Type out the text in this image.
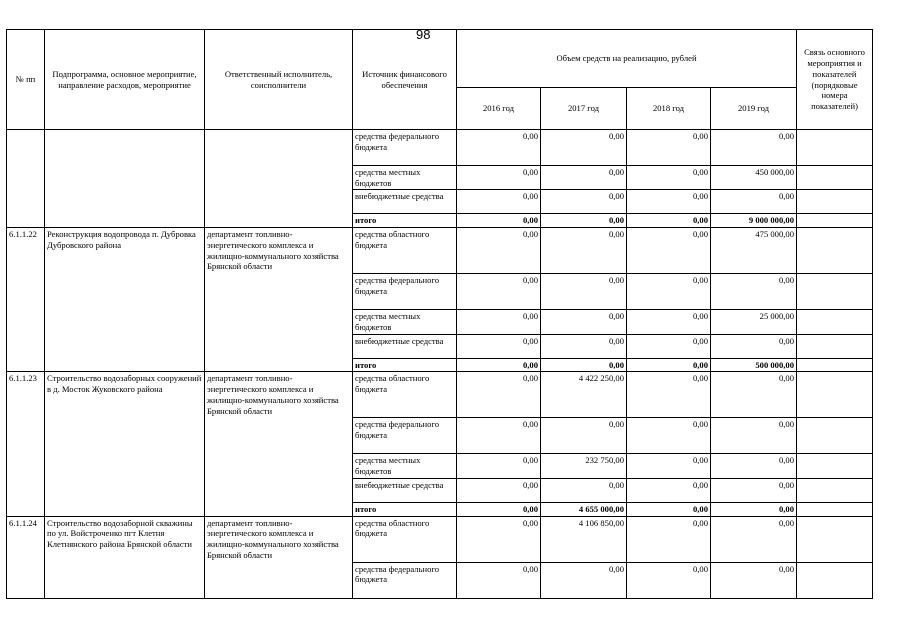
98
№ пп	Подпрограмма, основное мероприятие, направление расходов, мероприятие	Ответственный исполнитель, соисполнители	Источник финансового обеспечения	Объем средств на реализацию, рублей				Связь основного мероприятия и показателей (порядковые номера показателей)
				2016 год	2017 год	2018 год	2019 год	
			средства федерального бюджета	0,00	0,00	0,00	0,00	
			средства местных бюджетов	0,00	0,00	0,00	450 000,00	
			внебюджетные средства	0,00	0,00	0,00	0,00	
			итого	0,00	0,00	0,00	9 000 000,00	
6.1.1.22	Реконструкция водопровода п. Дубровка Дубровского района	департамент топливно-энергетического комплекса и жилищно-коммунального хозяйства Брянской области	средства областного бюджета	0,00	0,00	0,00	475 000,00	
			средства федерального бюджета	0,00	0,00	0,00	0,00	
			средства местных бюджетов	0,00	0,00	0,00	25 000,00	
			внебюджетные средства	0,00	0,00	0,00	0,00	
			итого	0,00	0,00	0,00	500 000,00	
6.1.1.23	Строительство водозаборных сооружений в д. Мосток Жуковского района	департамент топливно-энергетического комплекса и жилищно-коммунального хозяйства Брянской области	средства областного бюджета	0,00	4 422 250,00	0,00	0,00	
			средства федерального бюджета	0,00	0,00	0,00	0,00	
			средства местных бюджетов	0,00	232 750,00	0,00	0,00	
			внебюджетные средства	0,00	0,00	0,00	0,00	
			итого	0,00	4 655 000,00	0,00	0,00	
6.1.1.24	Строительство водозаборной скважины по ул. Войстроченко пгт Клетня Клетнянского района Брянской области	департамент топливно-энергетического комплекса и жилищно-коммунального хозяйства Брянской области	средства областного бюджета	0,00	4 106 850,00	0,00	0,00	
			средства федерального бюджета	0,00	0,00	0,00	0,00	
